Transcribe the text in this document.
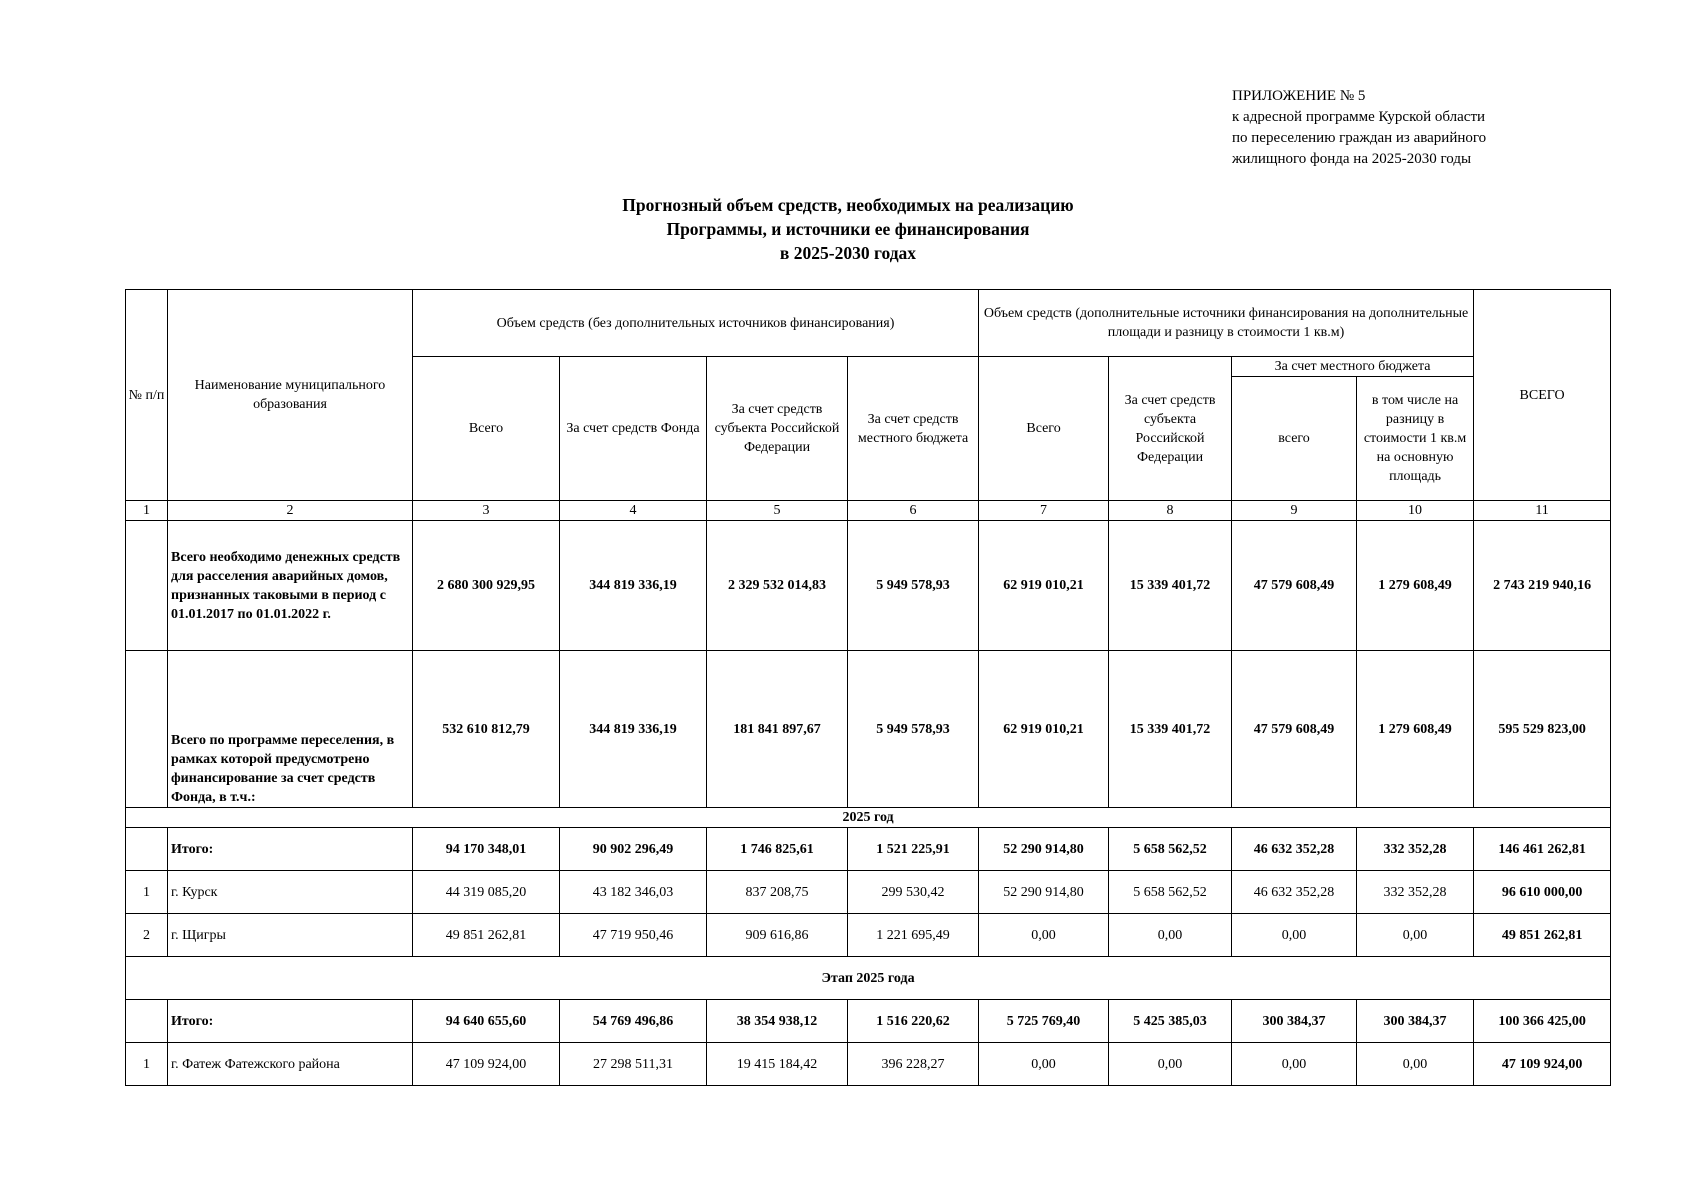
ПРИЛОЖЕНИЕ № 5
к адресной программе Курской области
по переселению граждан из аварийного
жилищного фонда на 2025-2030 годы
Прогнозный объем средств, необходимых на реализацию
Программы, и источники ее финансирования
в 2025-2030 годах
№ п/п	Наименование муниципального образования	Объем средств (без дополнительных источников финансирования)				Объем средств (дополнительные источники финансирования на дополнительные площади и разницу в стоимости 1 кв.м)				ВСЕГО
		Всего	За счет средств Фонда	За счет средств субъекта Российской Федерации	За счет средств местного бюджета	Всего	За счет средств субъекта Российской Федерации	За счет местного бюджета		
								всего	в том числе на разницу в стоимости 1 кв.м на основную площадь	
1	2	3	4	5	6	7	8	9	10	11
	Всего необходимо денежных средств для расселения аварийных домов, признанных таковыми в период с 01.01.2017 по 01.01.2022 г.	2 680 300 929,95	344 819 336,19	2 329 532 014,83	5 949 578,93	62 919 010,21	15 339 401,72	47 579 608,49	1 279 608,49	2 743 219 940,16
	Всего по программе переселения, в рамках которой предусмотрено финансирование за счет средств Фонда, в т.ч.:	532 610 812,79	344 819 336,19	181 841 897,67	5 949 578,93	62 919 010,21	15 339 401,72	47 579 608,49	1 279 608,49	595 529 823,00
2025 год										
	Итого:	94 170 348,01	90 902 296,49	1 746 825,61	1 521 225,91	52 290 914,80	5 658 562,52	46 632 352,28	332 352,28	146 461 262,81
1	г. Курск	44 319 085,20	43 182 346,03	837 208,75	299 530,42	52 290 914,80	5 658 562,52	46 632 352,28	332 352,28	96 610 000,00
2	г. Щигры	49 851 262,81	47 719 950,46	909 616,86	1 221 695,49	0,00	0,00	0,00	0,00	49 851 262,81
Этап 2025 года										
	Итого:	94 640 655,60	54 769 496,86	38 354 938,12	1 516 220,62	5 725 769,40	5 425 385,03	300 384,37	300 384,37	100 366 425,00
1	г. Фатеж Фатежского района	47 109 924,00	27 298 511,31	19 415 184,42	396 228,27	0,00	0,00	0,00	0,00	47 109 924,00
